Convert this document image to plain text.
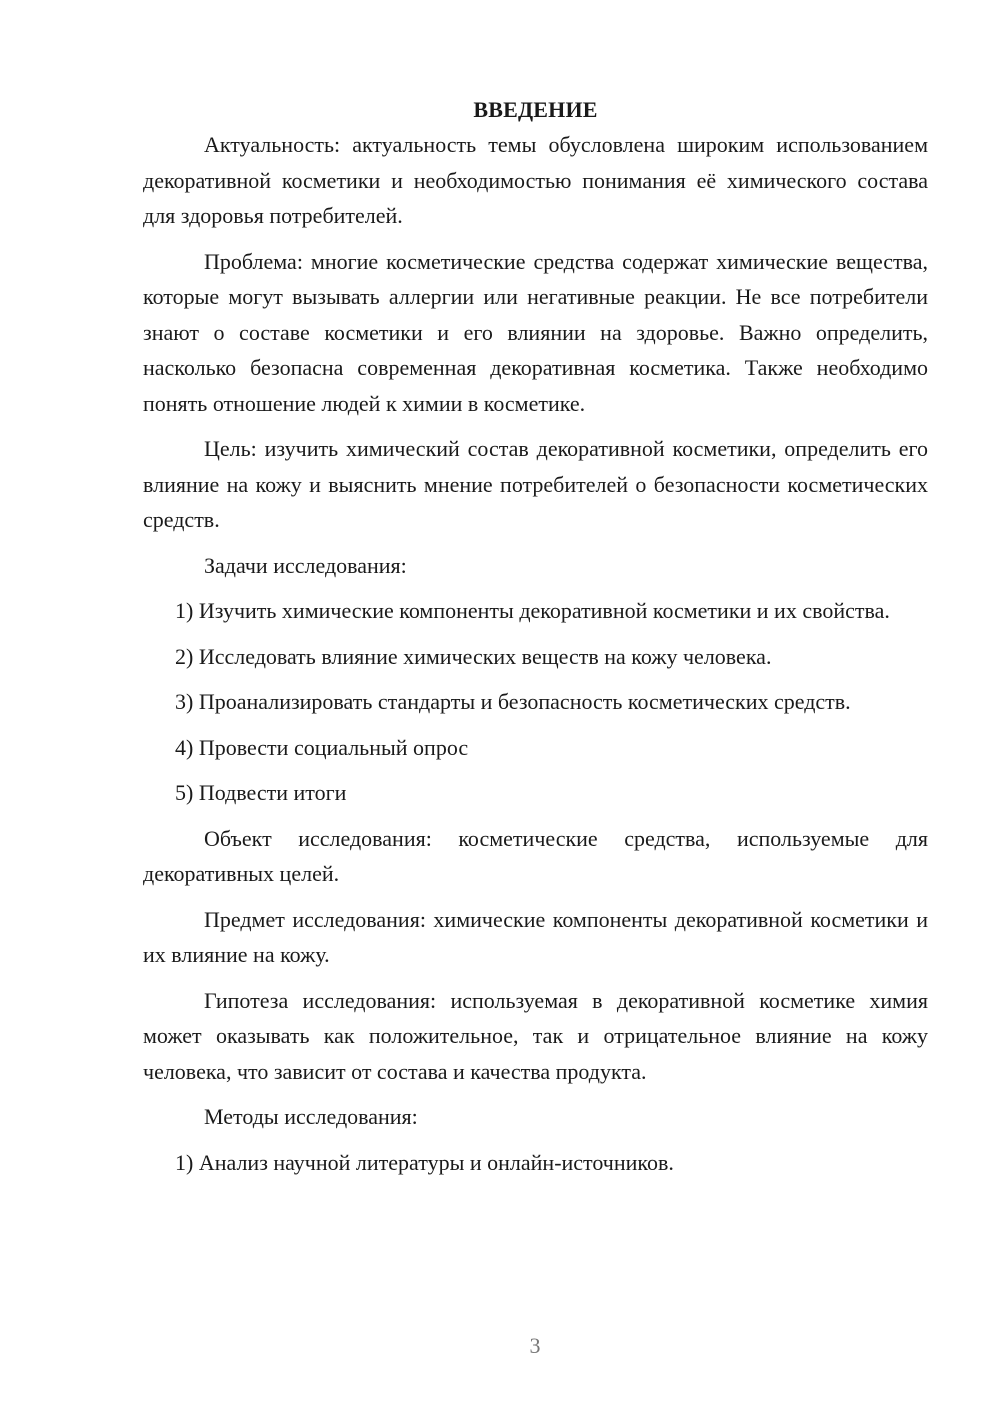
ВВЕДЕНИЕ

Актуальность: актуальность темы обусловлена широким использованием декоративной косметики и необходимостью понимания её химического состава для здоровья потребителей.

Проблема: многие косметические средства содержат химические вещества, которые могут вызывать аллергии или негативные реакции. Не все потребители знают о составе косметики и его влиянии на здоровье. Важно определить, насколько безопасна современная декоративная косметика. Также необходимо понять отношение людей к химии в косметике.

Цель: изучить химический состав декоративной косметики, определить его влияние на кожу и выяснить мнение потребителей о безопасности косметических средств.

Задачи исследования:

1) Изучить химические компоненты декоративной косметики и их свойства.

2) Исследовать влияние химических веществ на кожу человека.

3) Проанализировать стандарты и безопасность косметических средств.

4) Провести социальный опрос

5) Подвести итоги

Объект исследования: косметические средства, используемые для декоративных целей.

Предмет исследования: химические компоненты декоративной косметики и их влияние на кожу.

Гипотеза исследования: используемая в декоративной косметике химия может оказывать как положительное, так и отрицательное влияние на кожу человека, что зависит от состава и качества продукта.

Методы исследования:

1) Анализ научной литературы и онлайн-источников.

3
